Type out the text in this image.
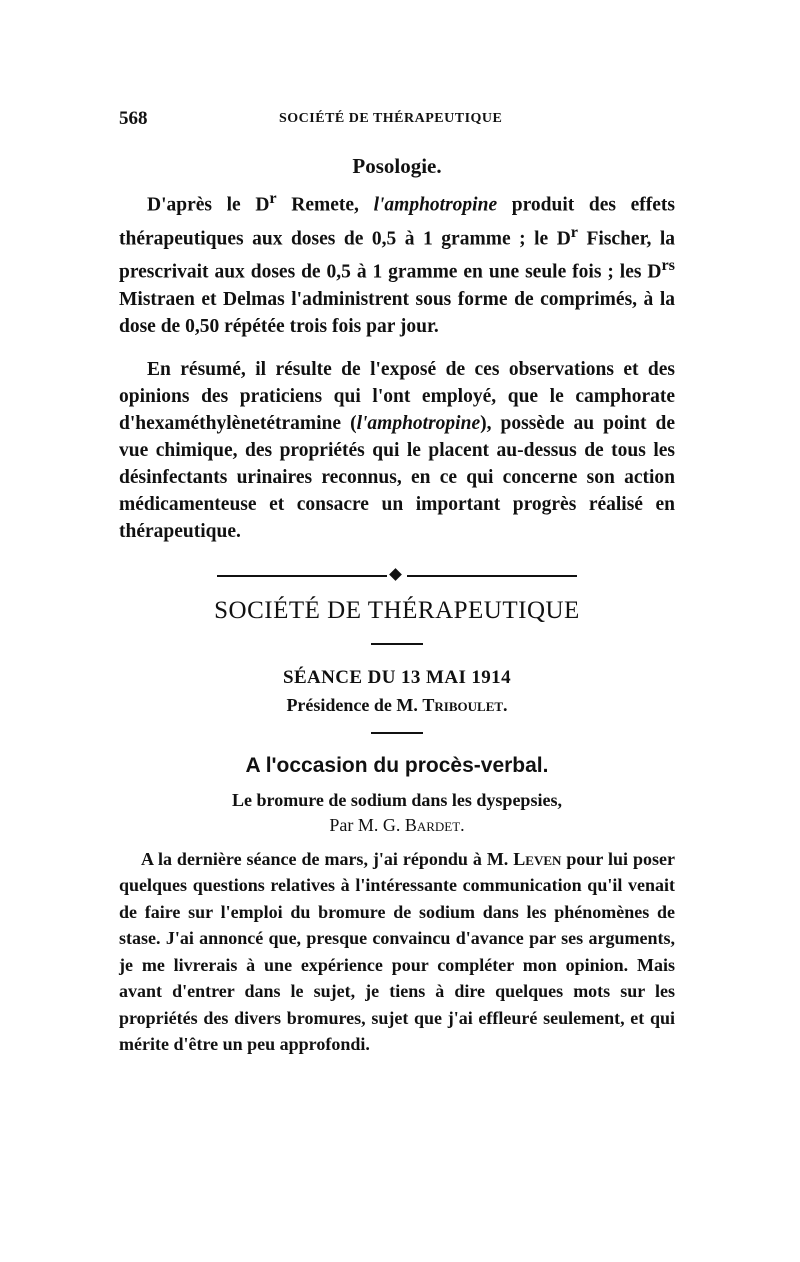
568	SOCIÉTÉ DE THÉRAPEUTIQUE
Posologie.

D'après le $D^r$ Remete, l'amphotropine produit des effets thérapeutiques aux doses de 0,5 à 1 gramme ; le $D^r$ Fischer, la prescrivait aux doses de 0,5 à 1 gramme en une seule fois ; les $D^{rs}$ Mistraen et Delmas l'administrent sous forme de comprimés, à la dose de 0,50 répétée trois fois par jour.

En résumé, il résulte de l'exposé de ces observations et des opinions des praticiens qui l'ont employé, que le camphorate d'hexaméthylènetétramine (l'amphotropine), possède au point de vue chimique, des propriétés qui le placent au-dessus de tous les désinfectants urinaires reconnus, en ce qui concerne son action médicamenteuse et consacre un important progrès réalisé en thérapeutique.

SOCIÉTÉ DE THÉRAPEUTIQUE
SÉANCE DU 13 MAI 1914
Présidence de M. Triboulet.
A l'occasion du procès-verbal.
Le bromure de sodium dans les dyspepsies,
Par M. G. Bardet.

A la dernière séance de mars, j'ai répondu à M. Leven pour lui poser quelques questions relatives à l'intéressante communication qu'il venait de faire sur l'emploi du bromure de sodium dans les phénomènes de stase. J'ai annoncé que, presque convaincu d'avance par ses arguments, je me livrerais à une expérience pour compléter mon opinion. Mais avant d'entrer dans le sujet, je tiens à dire quelques mots sur les propriétés des divers bromures, sujet que j'ai effleuré seulement, et qui mérite d'être un peu approfondi.
